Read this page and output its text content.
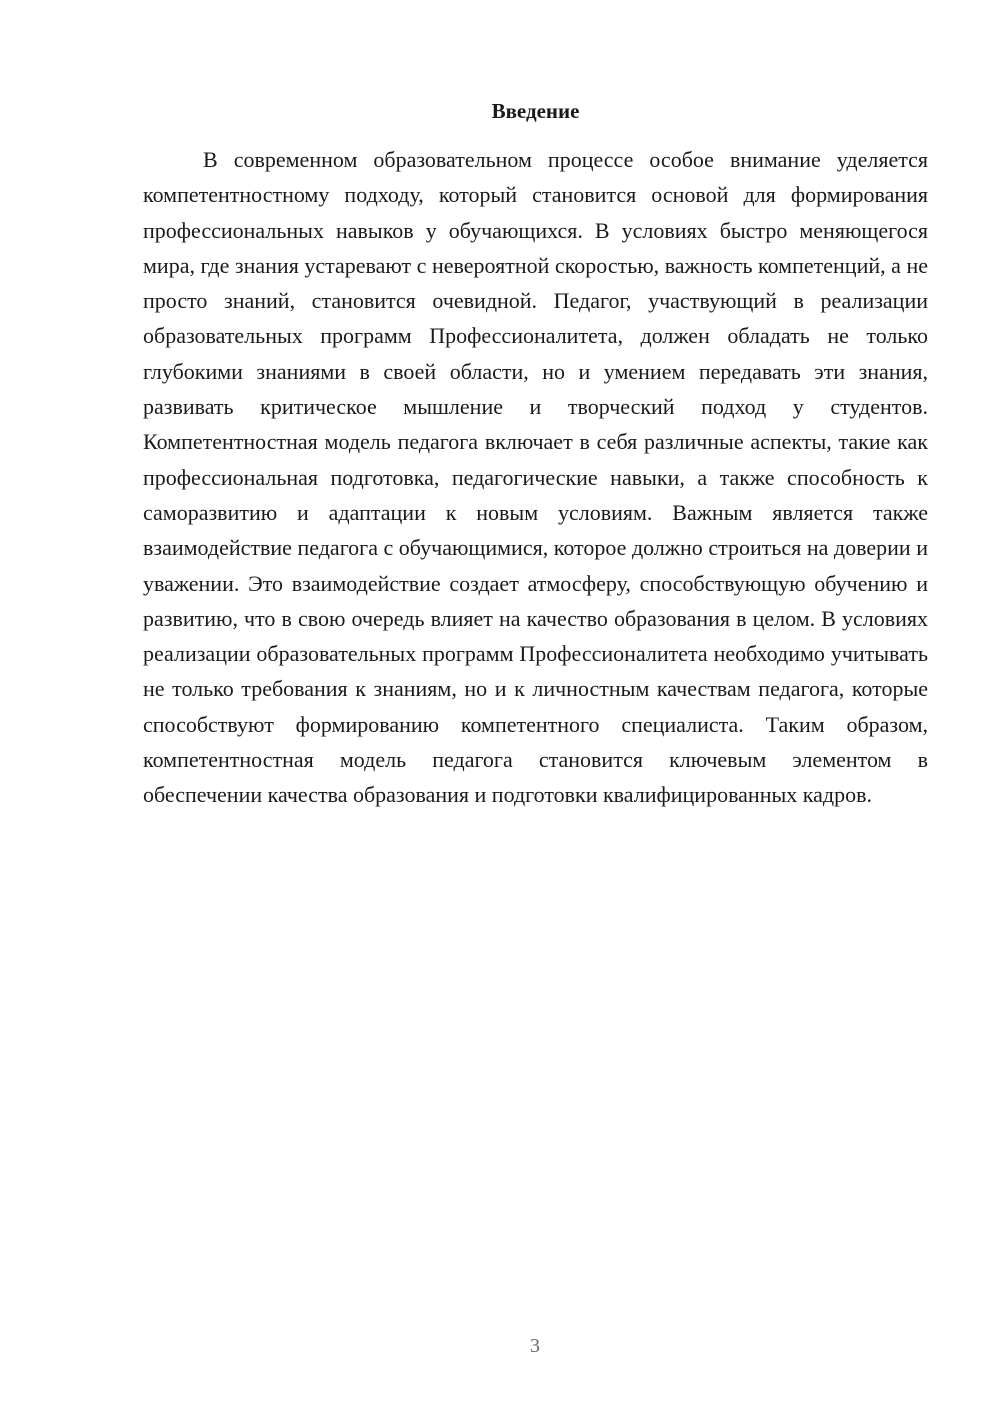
Введение

В современном образовательном процессе особое внимание уделяется компетентностному подходу, который становится основой для формирования профессиональных навыков у обучающихся. В условиях быстро меняющегося мира, где знания устаревают с невероятной скоростью, важность компетенций, а не просто знаний, становится очевидной. Педагог, участвующий в реализации образовательных программ Профессионалитета, должен обладать не только глубокими знаниями в своей области, но и умением передавать эти знания, развивать критическое мышление и творческий подход у студентов. Компетентностная модель педагога включает в себя различные аспекты, такие как профессиональная подготовка, педагогические навыки, а также способность к саморазвитию и адаптации к новым условиям. Важным является также взаимодействие педагога с обучающимися, которое должно строиться на доверии и уважении. Это взаимодействие создает атмосферу, способствующую обучению и развитию, что в свою очередь влияет на качество образования в целом. В условиях реализации образовательных программ Профессионалитета необходимо учитывать не только требования к знаниям, но и к личностным качествам педагога, которые способствуют формированию компетентного специалиста. Таким образом, компетентностная модель педагога становится ключевым элементом в обеспечении качества образования и подготовки квалифицированных кадров.

3
